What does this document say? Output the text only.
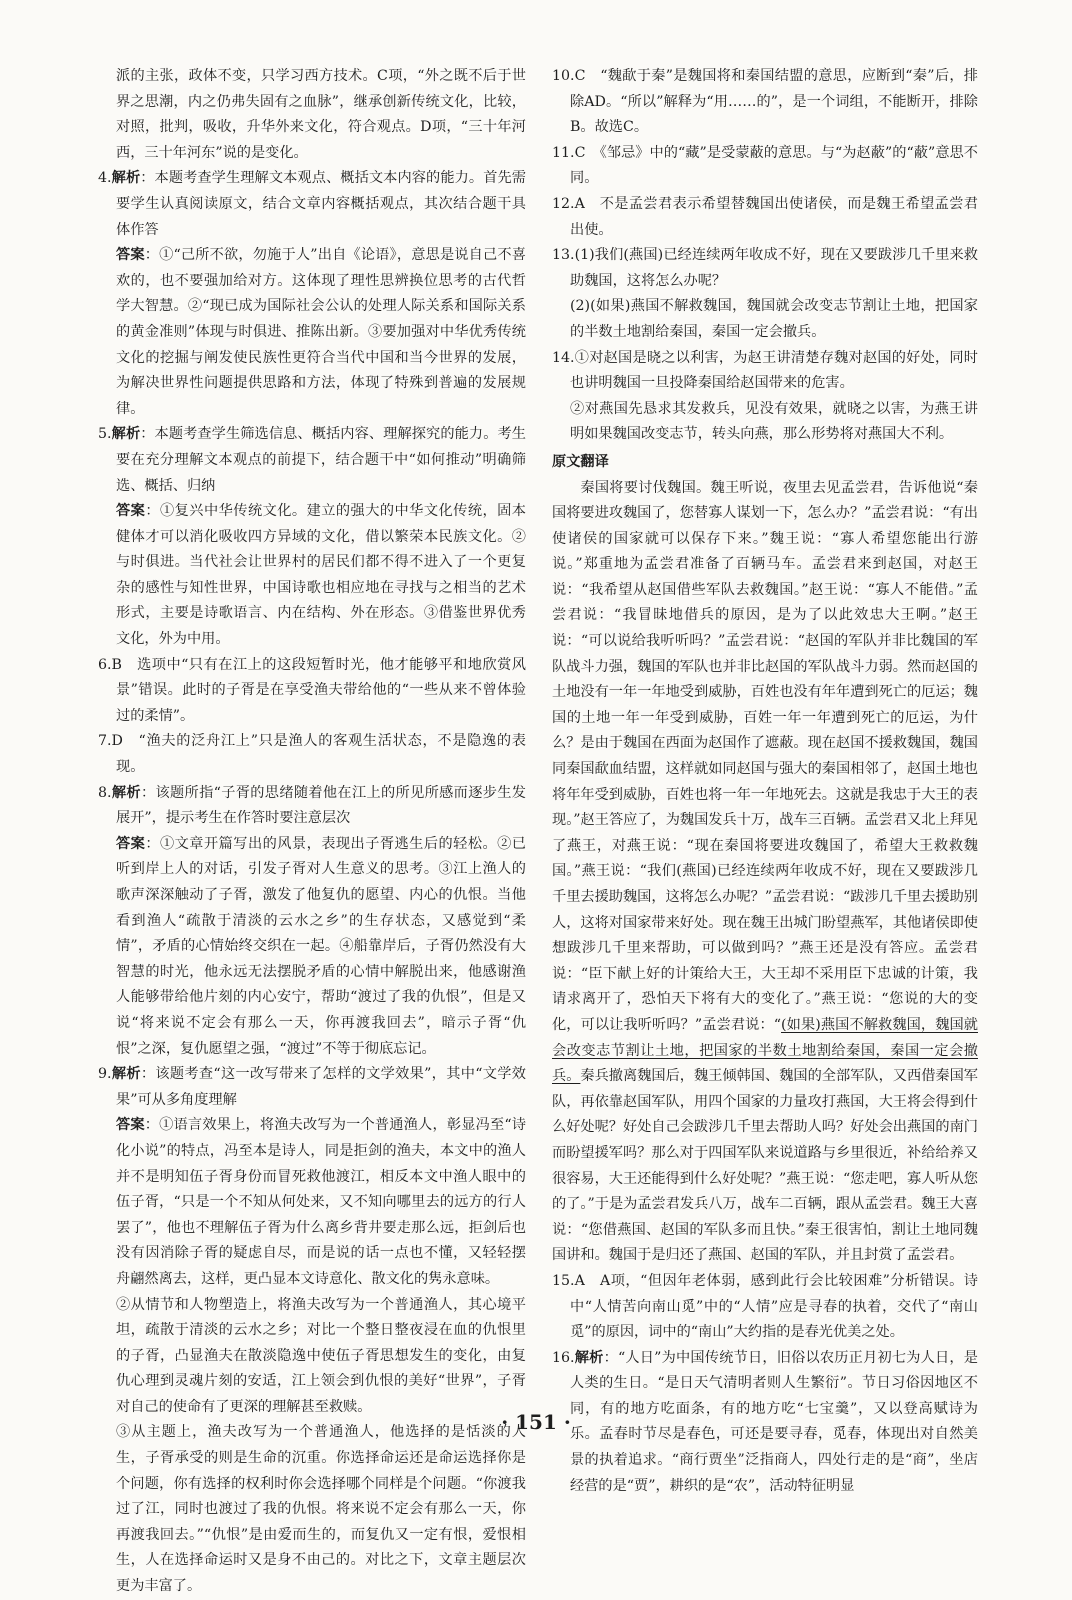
派的主张，政体不变，只学习西方技术。C项，“外之既不后于世界之思潮，内之仍弗失固有之血脉”，继承创新传统文化，比较，对照，批判，吸收，升华外来文化，符合观点。D项，“三十年河西，三十年河东”说的是变化。

4.解析：本题考查学生理解文本观点、概括文本内容的能力。首先需要学生认真阅读原文，结合文章内容概括观点，其次结合题干具体作答

答案：①“己所不欲，勿施于人”出自《论语》，意思是说自己不喜欢的，也不要强加给对方。这体现了理性思辨换位思考的古代哲学大智慧。②“现已成为国际社会公认的处理人际关系和国际关系的黄金准则”体现与时俱进、推陈出新。③要加强对中华优秀传统文化的挖掘与阐发使民族性更符合当代中国和当今世界的发展，为解决世界性问题提供思路和方法，体现了特殊到普遍的发展规律。

5.解析：本题考查学生筛选信息、概括内容、理解探究的能力。考生要在充分理解文本观点的前提下，结合题干中“如何推动”明确筛选、概括、归纳

答案：①复兴中华传统文化。建立的强大的中华文化传统，固本健体才可以消化吸收四方异域的文化，借以繁荣本民族文化。②与时俱进。当代社会让世界村的居民们都不得不进入了一个更复杂的感性与知性世界，中国诗歌也相应地在寻找与之相当的艺术形式，主要是诗歌语言、内在结构、外在形态。③借鉴世界优秀文化，外为中用。

6.B　选项中“只有在江上的这段短暂时光，他才能够平和地欣赏风景”错误。此时的子胥是在享受渔夫带给他的“一些从来不曾体验过的柔情”。

7.D　“渔夫的泛舟江上”只是渔人的客观生活状态，不是隐逸的表现。

8.解析：该题所指“子胥的思绪随着他在江上的所见所感而逐步生发展开”，提示考生在作答时要注意层次

答案：①文章开篇写出的风景，表现出子胥逃生后的轻松。②已听到岸上人的对话，引发子胥对人生意义的思考。③江上渔人的歌声深深触动了子胥，激发了他复仇的愿望、内心的仇恨。当他看到渔人“疏散于清淡的云水之乡”的生存状态，又感觉到“柔情”，矛盾的心情始终交织在一起。④船靠岸后，子胥仍然没有大智慧的时光，他永远无法摆脱矛盾的心情中解脱出来，他感谢渔人能够带给他片刻的内心安宁，帮助“渡过了我的仇恨”，但是又说“将来说不定会有那么一天，你再渡我回去”，暗示子胥“仇恨”之深，复仇愿望之强，“渡过”不等于彻底忘记。

9.解析：该题考查“这一改写带来了怎样的文学效果”，其中“文学效果”可从多角度理解

答案：①语言效果上，将渔夫改写为一个普通渔人，彰显冯至“诗化小说”的特点，冯至本是诗人，同是拒剑的渔夫，本文中的渔人并不是明知伍子胥身份而冒死救他渡江，相反本文中渔人眼中的伍子胥，“只是一个不知从何处来，又不知向哪里去的远方的行人罢了”，他也不理解伍子胥为什么离乡背井要走那么远，拒剑后也没有因消除子胥的疑虑自尽，而是说的话一点也不懂，又轻轻摆舟翩然离去，这样，更凸显本文诗意化、散文化的隽永意味。

②从情节和人物塑造上，将渔夫改写为一个普通渔人，其心境平坦，疏散于清淡的云水之乡；对比一个整日整夜浸在血的仇恨里的子胥，凸显渔夫在散淡隐逸中使伍子胥思想发生的变化，由复仇心理到灵魂片刻的安适，江上领会到仇恨的美好“世界”，子胥对自己的使命有了更深的理解甚至救赎。

③从主题上，渔夫改写为一个普通渔人，他选择的是恬淡的人生，子胥承受的则是生命的沉重。你选择命运还是命运选择你是个问题，你有选择的权利时你会选择哪个同样是个问题。“你渡我过了江，同时也渡过了我的仇恨。将来说不定会有那么一天，你再渡我回去。”“仇恨”是由爱而生的，而复仇又一定有恨，爱恨相生，人在选择命运时又是身不由己的。对比之下，文章主题层次更为丰富了。

10.C　“魏歃于秦”是魏国将和秦国结盟的意思，应断到“秦”后，排除AD。“所以”解释为“用……的”，是一个词组，不能断开，排除B。故选C。

11.C　《邹忌》中的“藏”是受蒙蔽的意思。与“为赵蔽”的“蔽”意思不同。

12.A　不是孟尝君表示希望替魏国出使诸侯，而是魏王希望孟尝君出使。

13.(1)我们(燕国)已经连续两年收成不好，现在又要跋涉几千里来救助魏国，这将怎么办呢？

(2)(如果)燕国不解救魏国，魏国就会改变志节割让土地，把国家的半数土地割给秦国，秦国一定会撤兵。

14.①对赵国是晓之以利害，为赵王讲清楚存魏对赵国的好处，同时也讲明魏国一旦投降秦国给赵国带来的危害。

②对燕国先恳求其发救兵，见没有效果，就晓之以害，为燕王讲明如果魏国改变志节，转头向燕，那么形势将对燕国大不利。

原文翻译

秦国将要讨伐魏国。魏王听说，夜里去见孟尝君，告诉他说“秦国将要进攻魏国了，您替寡人谋划一下，怎么办？”孟尝君说：“有出使诸侯的国家就可以保存下来。”魏王说：“寡人希望您能出行游说。”郑重地为孟尝君准备了百辆马车。孟尝君来到赵国，对赵王说：“我希望从赵国借些军队去救魏国。”赵王说：“寡人不能借。”孟尝君说：“我冒昧地借兵的原因，是为了以此效忠大王啊。”赵王说：“可以说给我听听吗？”孟尝君说：“赵国的军队并非比魏国的军队战斗力强，魏国的军队也并非比赵国的军队战斗力弱。然而赵国的土地没有一年一年地受到威胁，百姓也没有年年遭到死亡的厄运；魏国的土地一年一年受到威胁，百姓一年一年遭到死亡的厄运，为什么？是由于魏国在西面为赵国作了遮蔽。现在赵国不援救魏国，魏国同秦国歃血结盟，这样就如同赵国与强大的秦国相邻了，赵国土地也将年年受到威胁，百姓也将一年一年地死去。这就是我忠于大王的表现。”赵王答应了，为魏国发兵十万，战车三百辆。孟尝君又北上拜见了燕王，对燕王说：“现在秦国将要进攻魏国了，希望大王救救魏国。”燕王说：“我们(燕国)已经连续两年收成不好，现在又要跋涉几千里去援助魏国，这将怎么办呢？”孟尝君说：“跋涉几千里去援助别人，这将对国家带来好处。现在魏王出城门盼望燕军，其他诸侯即使想跋涉几千里来帮助，可以做到吗？”燕王还是没有答应。孟尝君说：“臣下献上好的计策给大王，大王却不采用臣下忠诚的计策，我请求离开了，恐怕天下将有大的变化了。”燕王说：“您说的大的变化，可以让我听听吗？”孟尝君说：“(如果)燕国不解救魏国，魏国就会改变志节割让土地，把国家的半数土地割给秦国，秦国一定会撤兵。秦兵撤离魏国后，魏王倾韩国、魏国的全部军队，又西借秦国军队，再依靠赵国军队，用四个国家的力量攻打燕国，大王将会得到什么好处呢？好处自己会跋涉几千里去帮助人吗？好处会出燕国的南门而盼望援军吗？那么对于四国军队来说道路与乡里很近，补给给养又很容易，大王还能得到什么好处呢？”燕王说：“您走吧，寡人听从您的了。”于是为孟尝君发兵八万，战车二百辆，跟从孟尝君。魏王大喜说：“您借燕国、赵国的军队多而且快。”秦王很害怕，割让土地同魏国讲和。魏国于是归还了燕国、赵国的军队，并且封赏了孟尝君。

15.A　A项，“但因年老体弱，感到此行会比较困难”分析错误。诗中“人情苦向南山觅”中的“人情”应是寻春的执着，交代了“南山觅”的原因，词中的“南山”大约指的是春光优美之处。

16.解析：“人日”为中国传统节日，旧俗以农历正月初七为人日，是人类的生日。“是日天气清明者则人生繁衍”。节日习俗因地区不同，有的地方吃面条，有的地方吃“七宝羹”，又以登高赋诗为乐。孟春时节尽是春色，可还是要寻春，觅春，体现出对自然美景的执着追求。“商行贾坐”泛指商人，四处行走的是“商”，坐店经营的是“贾”，耕织的是“农”，活动特征明显

· 151 ·
